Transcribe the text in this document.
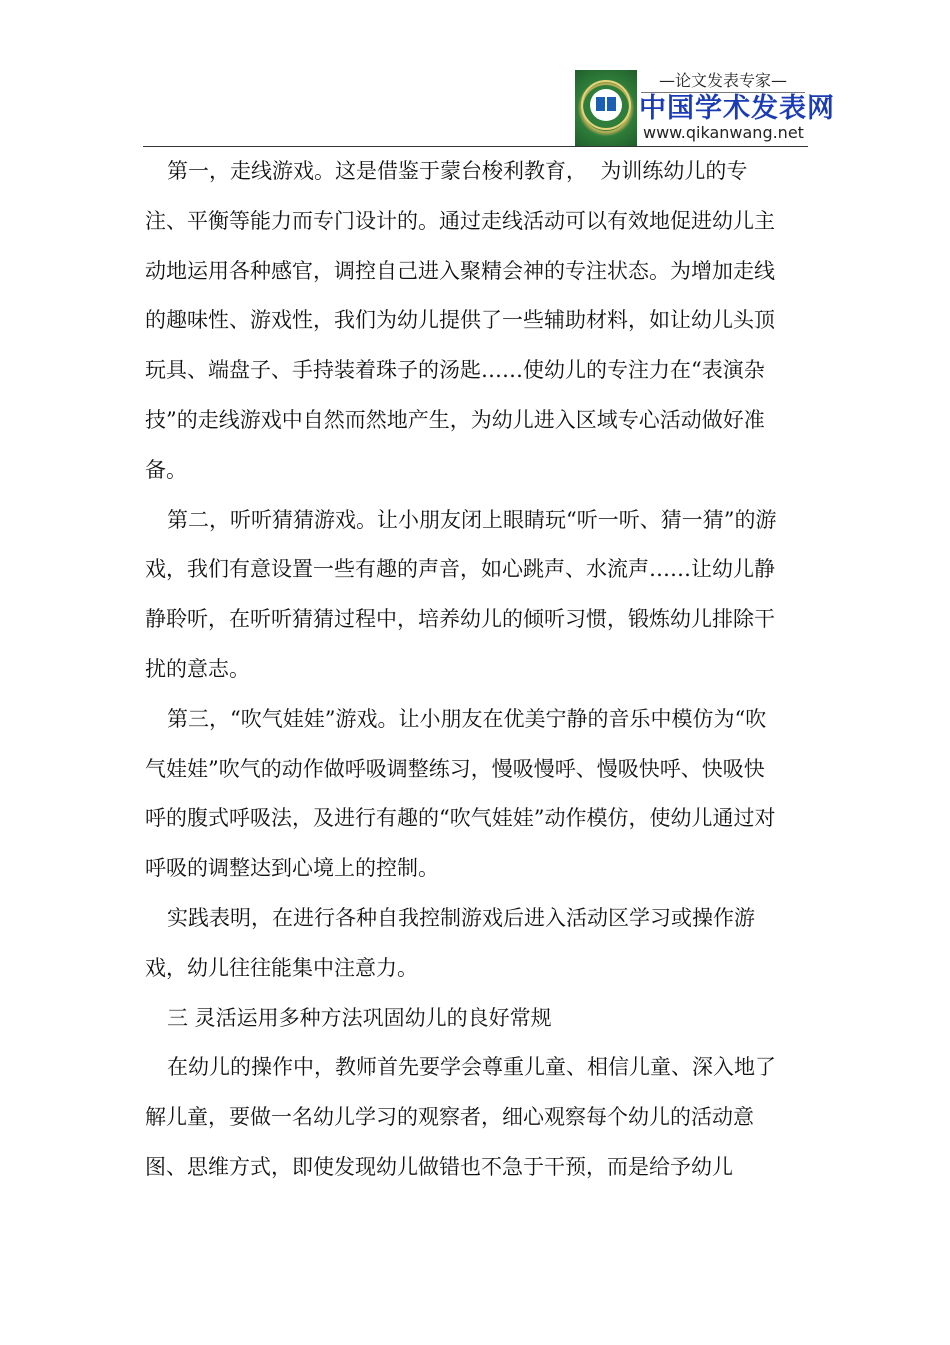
—论文发表专家—
中国学术发表网
www.qikanwang.net

第一，走线游戏。这是借鉴于蒙台梭利教育，  为训练幼儿的专注、平衡等能力而专门设计的。通过走线活动可以有效地促进幼儿主动地运用各种感官，调控自己进入聚精会神的专注状态。为增加走线的趣味性、游戏性，我们为幼儿提供了一些辅助材料，如让幼儿头顶玩具、端盘子、手持装着珠子的汤匙……使幼儿的专注力在“表演杂技”的走线游戏中自然而然地产生，为幼儿进入区域专心活动做好准备。

第二，听听猜猜游戏。让小朋友闭上眼睛玩“听一听、猜一猜”的游戏，我们有意设置一些有趣的声音，如心跳声、水流声……让幼儿静静聆听，在听听猜猜过程中，培养幼儿的倾听习惯，锻炼幼儿排除干扰的意志。

第三，“吹气娃娃”游戏。让小朋友在优美宁静的音乐中模仿为“吹气娃娃”吹气的动作做呼吸调整练习，慢吸慢呼、慢吸快呼、快吸快呼的腹式呼吸法，及进行有趣的“吹气娃娃”动作模仿，使幼儿通过对呼吸的调整达到心境上的控制。

实践表明，在进行各种自我控制游戏后进入活动区学习或操作游戏，幼儿往往能集中注意力。

三 灵活运用多种方法巩固幼儿的良好常规

在幼儿的操作中，教师首先要学会尊重儿童、相信儿童、深入地了解儿童，要做一名幼儿学习的观察者，细心观察每个幼儿的活动意图、思维方式，即使发现幼儿做错也不急于干预，而是给予幼儿
